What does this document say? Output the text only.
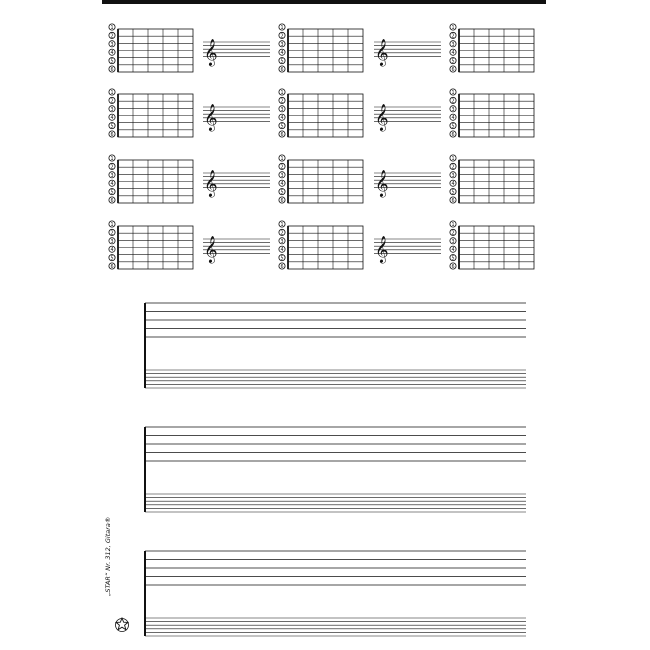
1
2
3
4
5
6
1
2
3
4
5
6
1
2
3
4
5
6
1
2
3
4
5
6
1
2
3
4
5
6
1
2
3
4
5
6
1
2
3
4
5
6
1
2
3
4
5
6
1
2
3
4
5
6
1
2
3
4
5
6
1
2
3
4
5
6
1
2
3
4
5
6
𝄞	𝄞
𝄞	𝄞
𝄞	𝄞
𝄞	𝄞
„STAR“ Nr. 312, Gitara®
